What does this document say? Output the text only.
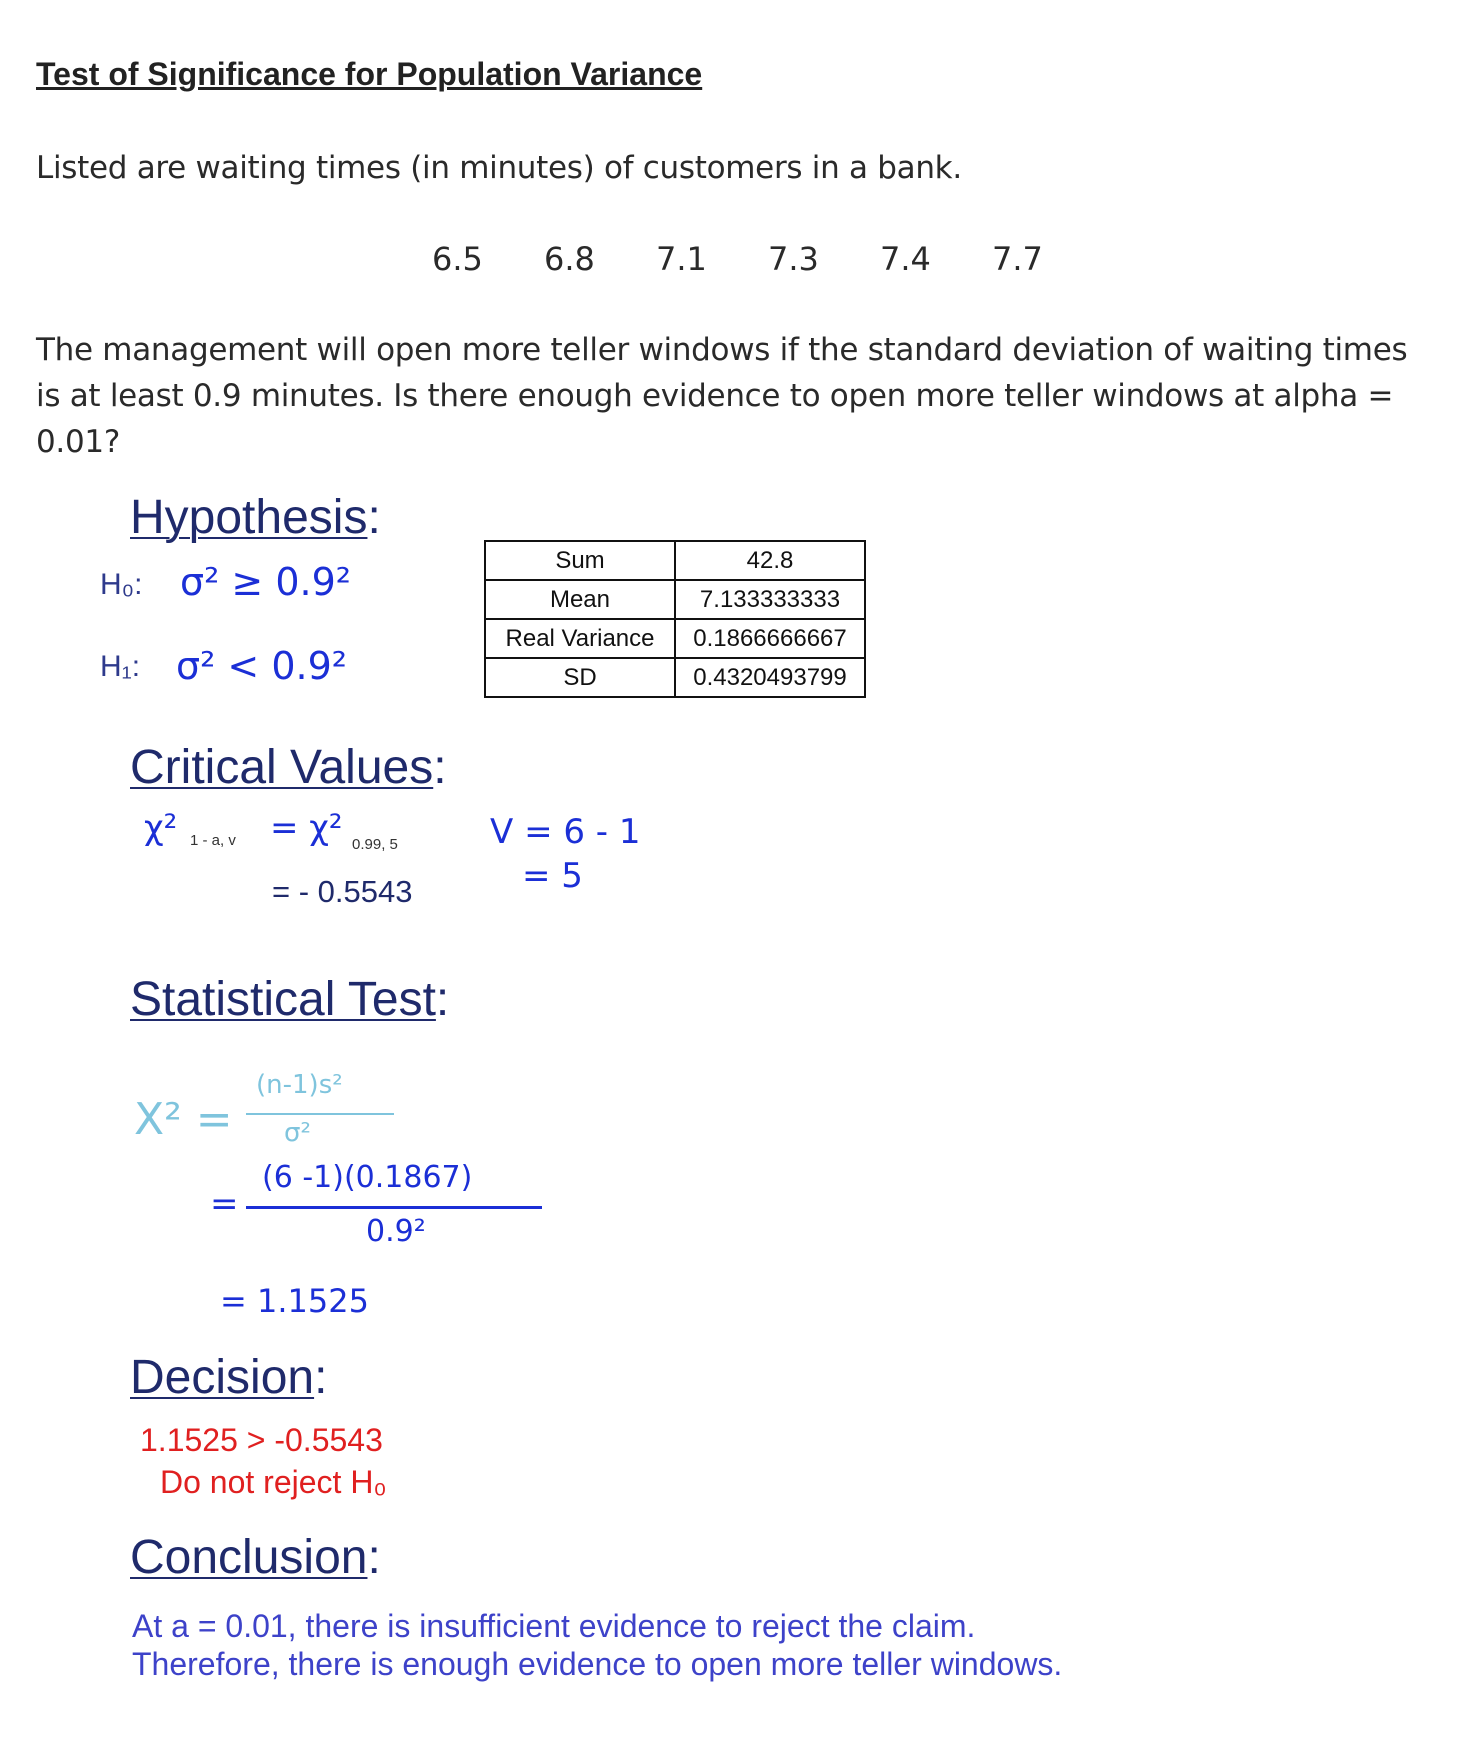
Test of Significance for Population Variance
Listed are waiting times (in minutes) of customers in a bank.
6.5 6.8 7.1 7.3 7.4 7.7
The management will open more teller windows if the standard deviation of waiting times
is at least 0.9 minutes. Is there enough evidence to open more teller windows at alpha =
0.01?
Hypothesis:
H₀: σ² ≥ 0.9²
H₁: σ² < 0.9²
Sum	42.8
Mean	7.133333333
Real Variance	0.1866666667
SD	0.4320493799
Critical Values:
χ² 1 - a, v = χ² 0.99, 5
= - 0.5543
V = 6 - 1
= 5
Statistical Test:
X² =
(n-1)s²
σ²
=
(6 -1)(0.1867)
0.9²
= 1.1525
Decision:
1.1525 > -0.5543
Do not reject H₀
Conclusion:
At a = 0.01, there is insufficient evidence to reject the claim.
Therefore, there is enough evidence to open more teller windows.
